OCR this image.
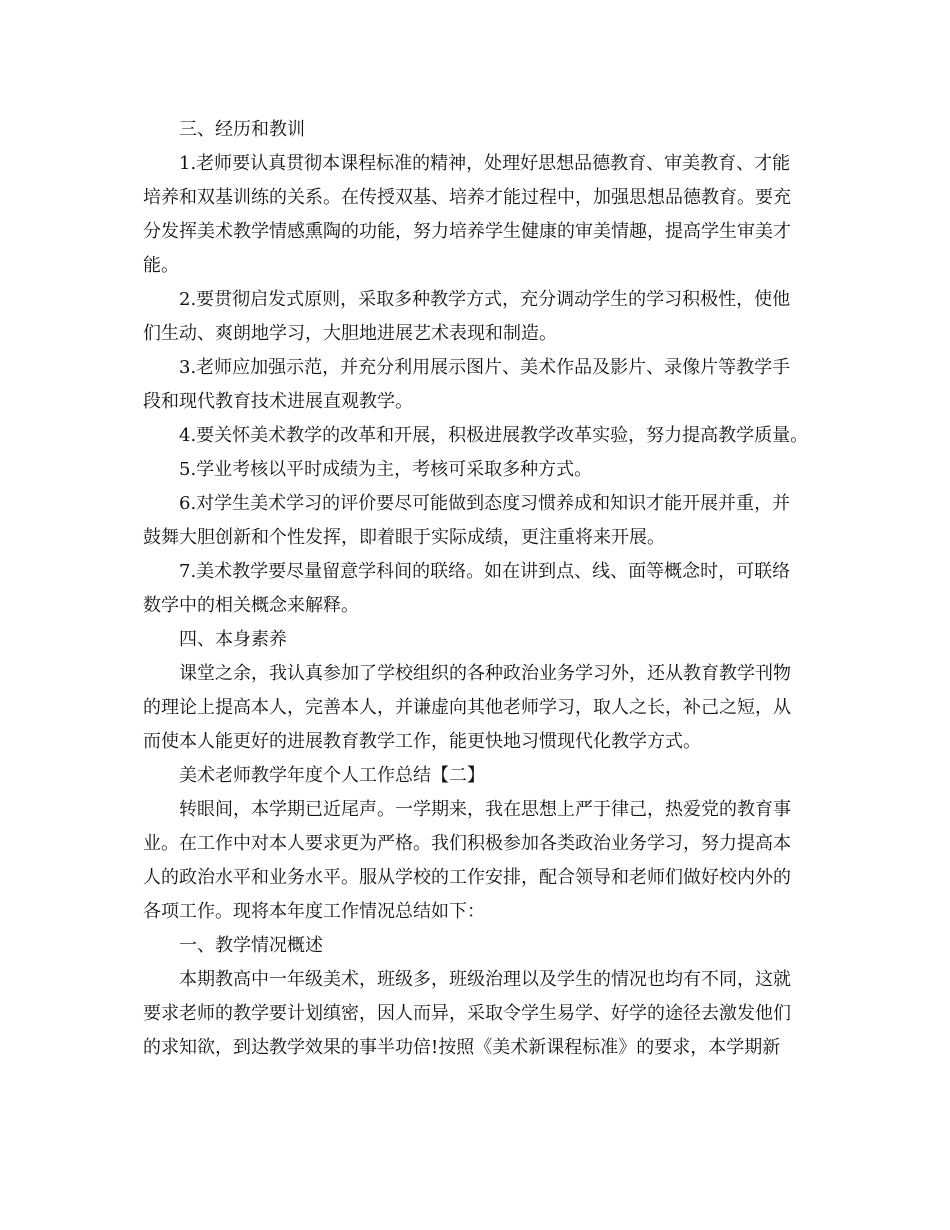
三、经历和教训
1.老师要认真贯彻本课程标准的精神，处理好思想品德教育、审美教育、才能
培养和双基训练的关系。在传授双基、培养才能过程中，加强思想品德教育。要充
分发挥美术教学情感熏陶的功能，努力培养学生健康的审美情趣，提高学生审美才
能。
2.要贯彻启发式原则，采取多种教学方式，充分调动学生的学习积极性，使他
们生动、爽朗地学习，大胆地进展艺术表现和制造。
3.老师应加强示范，并充分利用展示图片、美术作品及影片、录像片等教学手
段和现代教育技术进展直观教学。
4.要关怀美术教学的改革和开展，积极进展教学改革实验，努力提高教学质量。
5.学业考核以平时成绩为主，考核可采取多种方式。
6.对学生美术学习的评价要尽可能做到态度习惯养成和知识才能开展并重，并
鼓舞大胆创新和个性发挥，即着眼于实际成绩，更注重将来开展。
7.美术教学要尽量留意学科间的联络。如在讲到点、线、面等概念时，可联络
数学中的相关概念来解释。
四、本身素养
课堂之余，我认真参加了学校组织的各种政治业务学习外，还从教育教学刊物
的理论上提高本人，完善本人，并谦虚向其他老师学习，取人之长，补己之短，从
而使本人能更好的进展教育教学工作，能更快地习惯现代化教学方式。
美术老师教学年度个人工作总结【二】
转眼间，本学期已近尾声。一学期来，我在思想上严于律己，热爱党的教育事
业。在工作中对本人要求更为严格。我们积极参加各类政治业务学习，努力提高本
人的政治水平和业务水平。服从学校的工作安排，配合领导和老师们做好校内外的
各项工作。现将本年度工作情况总结如下：
一、教学情况概述
本期教高中一年级美术，班级多，班级治理以及学生的情况也均有不同，这就
要求老师的教学要计划缜密，因人而异，采取令学生易学、好学的途径去激发他们
的求知欲，到达教学效果的事半功倍!按照《美术新课程标准》的要求，本学期新
